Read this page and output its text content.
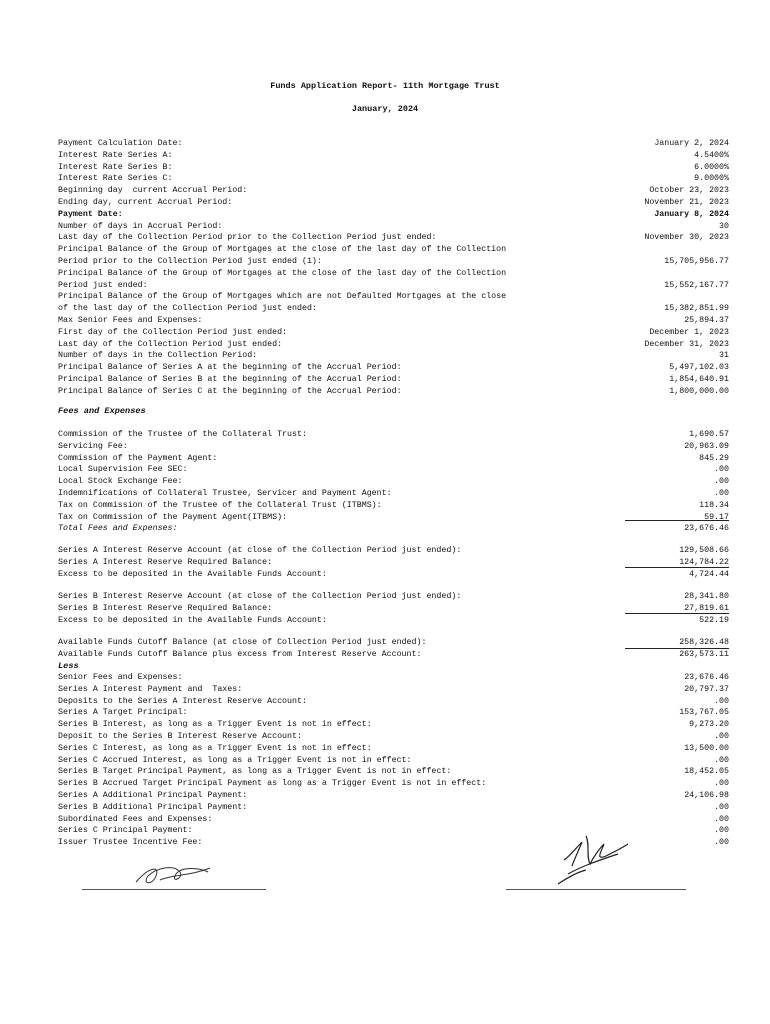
Funds Application Report- 11th Mortgage Trust
January, 2024
Payment Calculation Date:	January 2, 2024
Interest Rate Series A:	4.5400%
Interest Rate Series B:	6.0000%
Interest Rate Series C:	9.0000%
Beginning day  current Accrual Period:	October 23, 2023
Ending day, current Accrual Period:	November 21, 2023
Payment Date:	January 8, 2024
Number of days in Accrual Period:	30
Last day of the Collection Period prior to the Collection Period just ended:	November 30, 2023
Principal Balance of the Group of Mortgages at the close of the last day of the Collection
Period prior to the Collection Period just ended (1):	15,705,956.77
Principal Balance of the Group of Mortgages at the close of the last day of the Collection
Period just ended:	15,552,167.77
Principal Balance of the Group of Mortgages which are not Defaulted Mortgages at the close
of the last day of the Collection Period just ended:	15,382,851.99
Max Senior Fees and Expenses:	25,894.37
First day of the Collection Period just ended:	December 1, 2023
Last day of the Collection Period just ended:	December 31, 2023
Number of days in the Collection Period:	31
Principal Balance of Series A at the beginning of the Accrual Period:	5,497,102.03
Principal Balance of Series B at the beginning of the Accrual Period:	1,854,640.91
Principal Balance of Series C at the beginning of the Accrual Period:	1,800,000.00
Fees and Expenses
Commission of the Trustee of the Collateral Trust:	1,690.57
Servicing Fee:	20,963.09
Commission of the Payment Agent:	845.29
Local Supervision Fee SEC:	.00
Local Stock Exchange Fee:	.00
Indemnifications of Collateral Trustee, Servicer and Payment Agent:	.00
Tax on Commission of the Trustee of the Collateral Trust (ITBMS):	118.34
Tax on Commission of the Payment Agent(ITBMS):	59.17
Total Fees and Expenses:	23,676.46
Series A Interest Reserve Account (at close of the Collection Period just ended):	129,508.66
Series A Interest Reserve Required Balance:	124,784.22
Excess to be deposited in the Available Funds Account:	4,724.44
Series B Interest Reserve Account (at close of the Collection Period just ended):	28,341.80
Series B Interest Reserve Required Balance:	27,819.61
Excess to be deposited in the Available Funds Account:	522.19
Available Funds Cutoff Balance (at close of Collection Period just ended):	258,326.48
Available Funds Cutoff Balance plus excess from Interest Reserve Account:	263,573.11
Less
Senior Fees and Expenses:	23,676.46
Series A Interest Payment and  Taxes:	20,797.37
Deposits to the Series A Interest Reserve Account:	.00
Series A Target Principal:	153,767.05
Series B Interest, as long as a Trigger Event is not in effect:	9,273.20
Deposit to the Series B Interest Reserve Account:	.00
Series C Interest, as long as a Trigger Event is not in effect:	13,500.00
Series C Accrued Interest, as long as a Trigger Event is not in effect:	.00
Series B Target Principal Payment, as long as a Trigger Event is not in effect:	18,452.05
Series B Accrued Target Principal Payment as long as a Trigger Event is not in effect:	.00
Series A Additional Principal Payment:	24,106.98
Series B Additional Principal Payment:	.00
Subordinated Fees and Expenses:	.00
Series C Principal Payment:	.00
Issuer Trustee Incentive Fee:	.00
